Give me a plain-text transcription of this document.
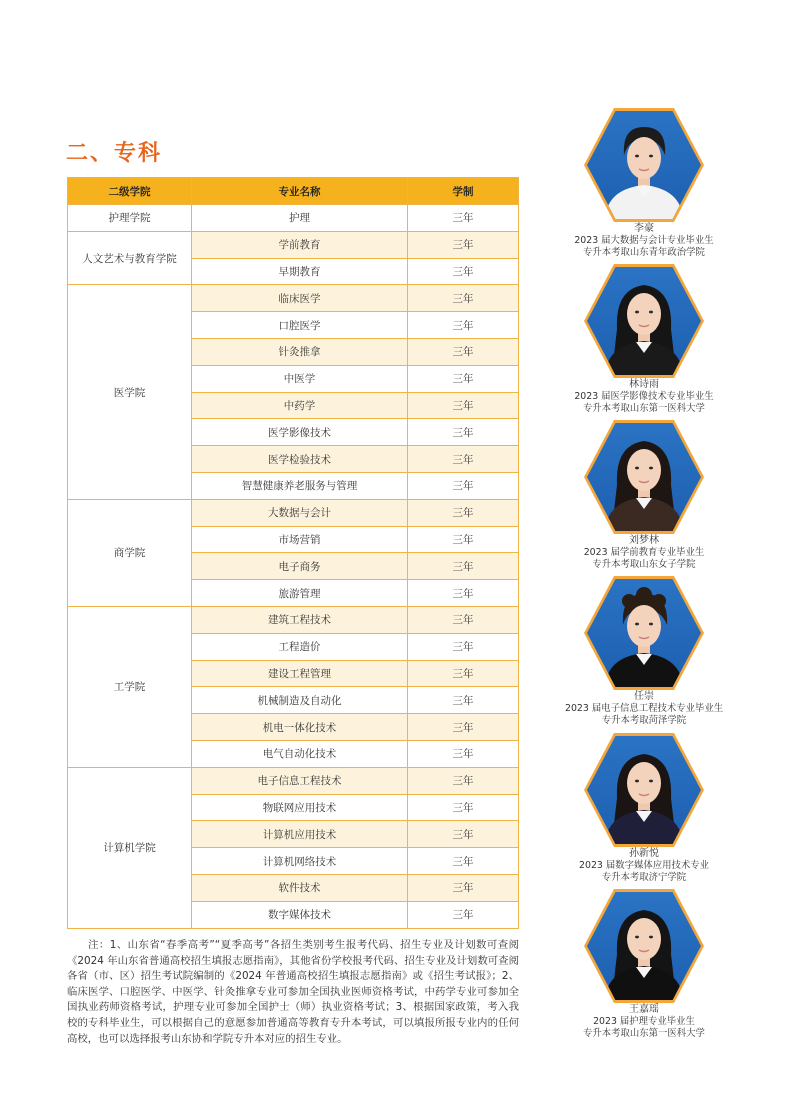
二、专科
二级学院	专业名称	学制
护理学院	护理	三年
人文艺术与教育学院	学前教育	三年
	早期教育	三年
医学院	临床医学	三年
	口腔医学	三年
	针灸推拿	三年
	中医学	三年
	中药学	三年
	医学影像技术	三年
	医学检验技术	三年
	智慧健康养老服务与管理	三年
商学院	大数据与会计	三年
	市场营销	三年
	电子商务	三年
	旅游管理	三年
工学院	建筑工程技术	三年
	工程造价	三年
	建设工程管理	三年
	机械制造及自动化	三年
	机电一体化技术	三年
	电气自动化技术	三年
计算机学院	电子信息工程技术	三年
	物联网应用技术	三年
	计算机应用技术	三年
	计算机网络技术	三年
	软件技术	三年
	数字媒体技术	三年
注：1、山东省“春季高考”“夏季高考”各招生类别考生报考代码、招生专业及计划数可查阅《2024 年山东省普通高校招生填报志愿指南》，其他省份学校报考代码、招生专业及计划数可查阅各省（市、区）招生考试院编制的《2024 年普通高校招生填报志愿指南》或《招生考试报》；2、临床医学、口腔医学、中医学、针灸推拿专业可参加全国执业医师资格考试，中药学专业可参加全国执业药师资格考试，护理专业可参加全国护士（师）执业资格考试；3、根据国家政策，考入我校的专科毕业生，可以根据自己的意愿参加普通高等教育专升本考试，可以填报所报专业内的任何高校，也可以选择报考山东协和学院专升本对应的招生专业。
李豪
2023 届大数据与会计专业毕业生
专升本考取山东青年政治学院
林诗雨
2023 届医学影像技术专业毕业生
专升本考取山东第一医科大学
刘梦林
2023 届学前教育专业毕业生
专升本考取山东女子学院
任崇
2023 届电子信息工程技术专业毕业生
专升本考取菏泽学院
孙新悦
2023 届数字媒体应用技术专业
专升本考取济宁学院
王嘉瑶
2023 届护理专业毕业生
专升本考取山东第一医科大学
